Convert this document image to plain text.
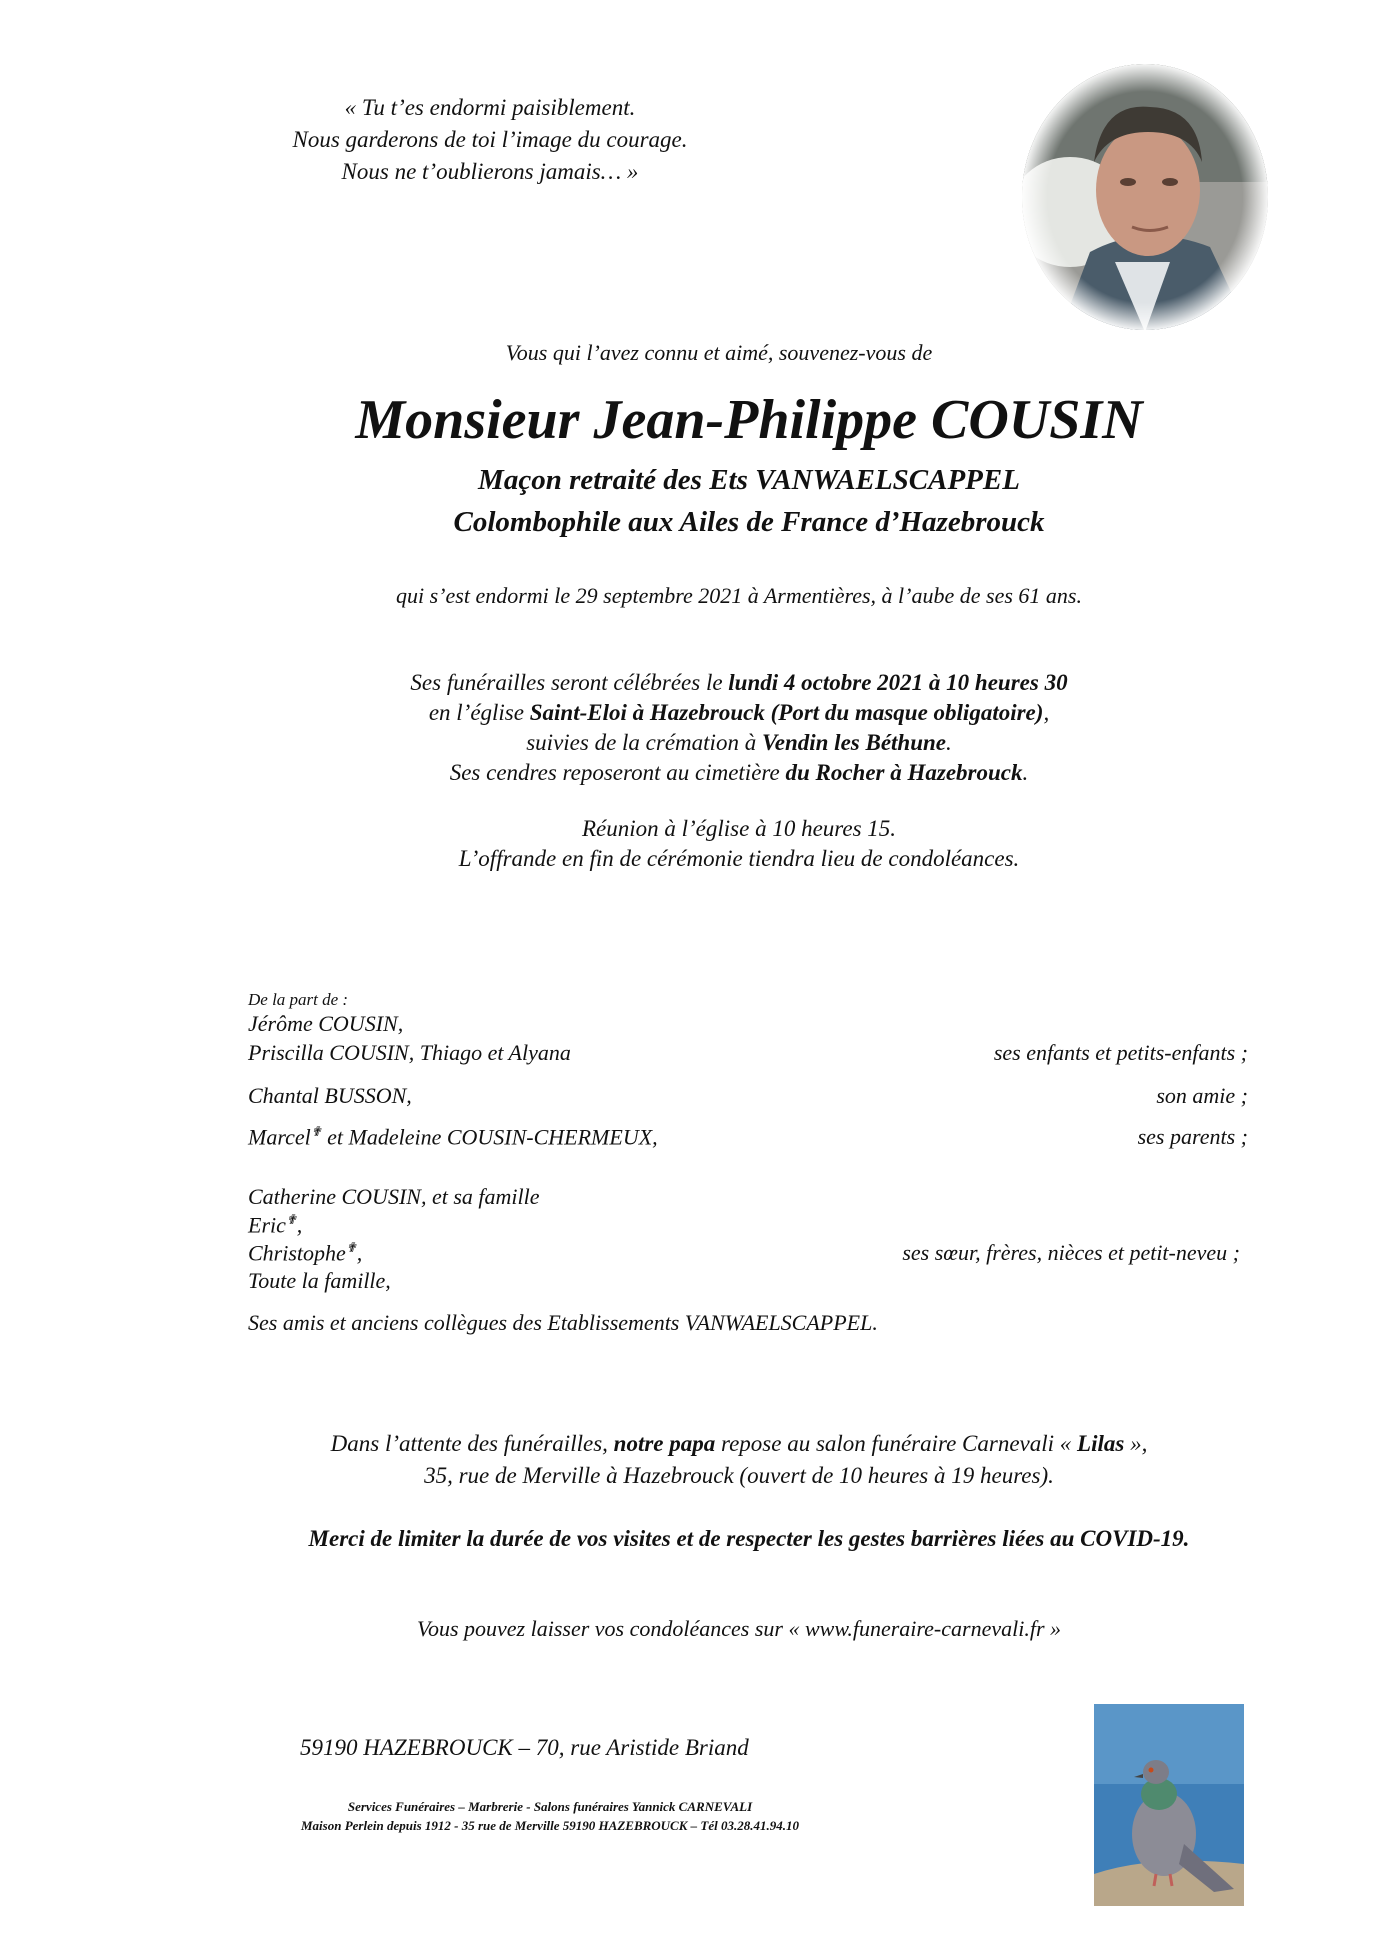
« Tu t’es endormi paisiblement.
Nous garderons de toi l’image du courage.
Nous ne t’oublierons jamais… »
Vous qui l’avez connu et aimé, souvenez-vous de
Monsieur Jean-Philippe COUSIN
Maçon retraité des Ets VANWAELSCAPPEL
Colombophile aux Ailes de France d’Hazebrouck
qui s’est endormi le 29 septembre 2021 à Armentières, à l’aube de ses 61 ans.
Ses funérailles seront célébrées le lundi 4 octobre 2021 à 10 heures 30
en l’église Saint-Eloi à Hazebrouck (Port du masque obligatoire),
suivies de la crémation à Vendin les Béthune.
Ses cendres reposeront au cimetière du Rocher à Hazebrouck.
Réunion à l’église à 10 heures 15.
L’offrande en fin de cérémonie tiendra lieu de condoléances.
De la part de :
Jérôme COUSIN,
Priscilla COUSIN, Thiago et Alyana	ses enfants et petits-enfants ;
Chantal BUSSON,	son amie ;
Marcel✟ et Madeleine COUSIN-CHERMEUX,	ses parents ;
Catherine COUSIN, et sa famille
Eric✟,
Christophe✟,	ses sœur, frères, nièces et petit-neveu ;
Toute la famille,
Ses amis et anciens collègues des Etablissements VANWAELSCAPPEL.
Dans l’attente des funérailles, notre papa repose au salon funéraire Carnevali « Lilas »,
35, rue de Merville à Hazebrouck (ouvert de 10 heures à 19 heures).
Merci de limiter la durée de vos visites et de respecter les gestes barrières liées au COVID-19.
Vous pouvez laisser vos condoléances sur « www.funeraire-carnevali.fr »
59190 HAZEBROUCK – 70, rue Aristide Briand
Services Funéraires – Marbrerie - Salons funéraires Yannick CARNEVALI
Maison Perlein depuis 1912 - 35 rue de Merville 59190 HAZEBROUCK – Tél 03.28.41.94.10
